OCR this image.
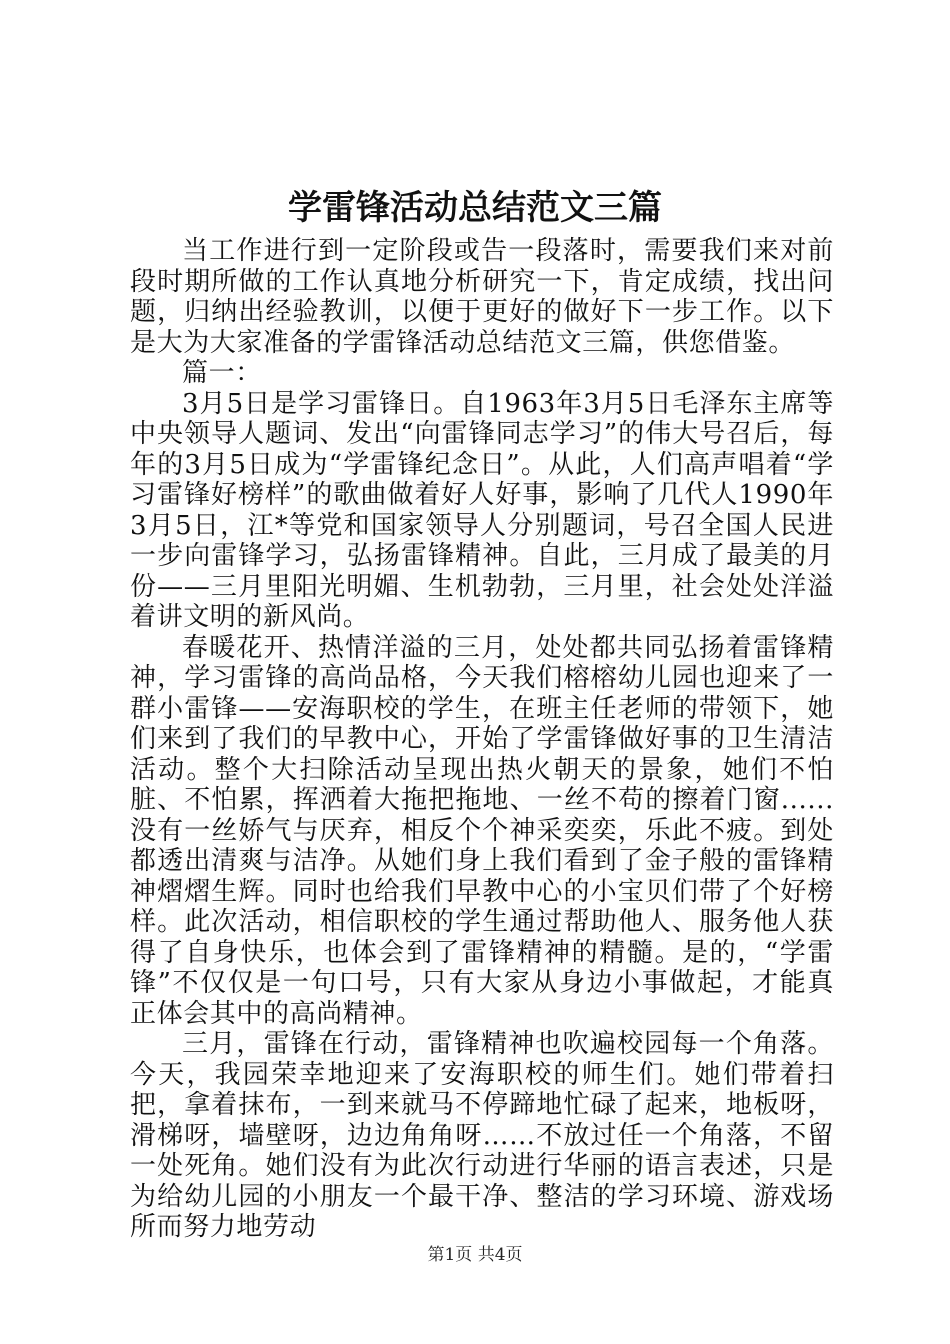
学雷锋活动总结范文三篇

当工作进行到一定阶段或告一段落时，需要我们来对前段时期所做的工作认真地分析研究一下，肯定成绩，找出问题，归纳出经验教训，以便于更好的做好下一步工作。以下是大为大家准备的学雷锋活动总结范文三篇，供您借鉴。

篇一：

3月5日是学习雷锋日。自1963年3月5日毛泽东主席等中央领导人题词、发出“向雷锋同志学习”的伟大号召后，每年的3月5日成为“学雷锋纪念日”。从此，人们高声唱着“学习雷锋好榜样”的歌曲做着好人好事，影响了几代人1990年3月5日，江*等党和国家领导人分别题词，号召全国人民进一步向雷锋学习，弘扬雷锋精神。自此，三月成了最美的月份——三月里阳光明媚、生机勃勃，三月里，社会处处洋溢着讲文明的新风尚。

春暖花开、热情洋溢的三月，处处都共同弘扬着雷锋精神，学习雷锋的高尚品格，今天我们榕榕幼儿园也迎来了一群小雷锋——安海职校的学生，在班主任老师的带领下，她们来到了我们的早教中心，开始了学雷锋做好事的卫生清洁活动。整个大扫除活动呈现出热火朝天的景象，她们不怕脏、不怕累，挥洒着大拖把拖地、一丝不苟的擦着门窗......没有一丝娇气与厌弃，相反个个神采奕奕，乐此不疲。到处都透出清爽与洁净。从她们身上我们看到了金子般的雷锋精神熠熠生辉。同时也给我们早教中心的小宝贝们带了个好榜样。此次活动，相信职校的学生通过帮助他人、服务他人获得了自身快乐，也体会到了雷锋精神的精髓。是的，“学雷锋”不仅仅是一句口号，只有大家从身边小事做起，才能真正体会其中的高尚精神。

三月，雷锋在行动，雷锋精神也吹遍校园每一个角落。今天，我园荣幸地迎来了安海职校的师生们。她们带着扫把，拿着抹布，一到来就马不停蹄地忙碌了起来，地板呀，滑梯呀，墙壁呀，边边角角呀……不放过任一个角落，不留一处死角。她们没有为此次行动进行华丽的语言表述，只是为给幼儿园的小朋友一个最干净、整洁的学习环境、游戏场所而努力地劳动

第1页 共4页
